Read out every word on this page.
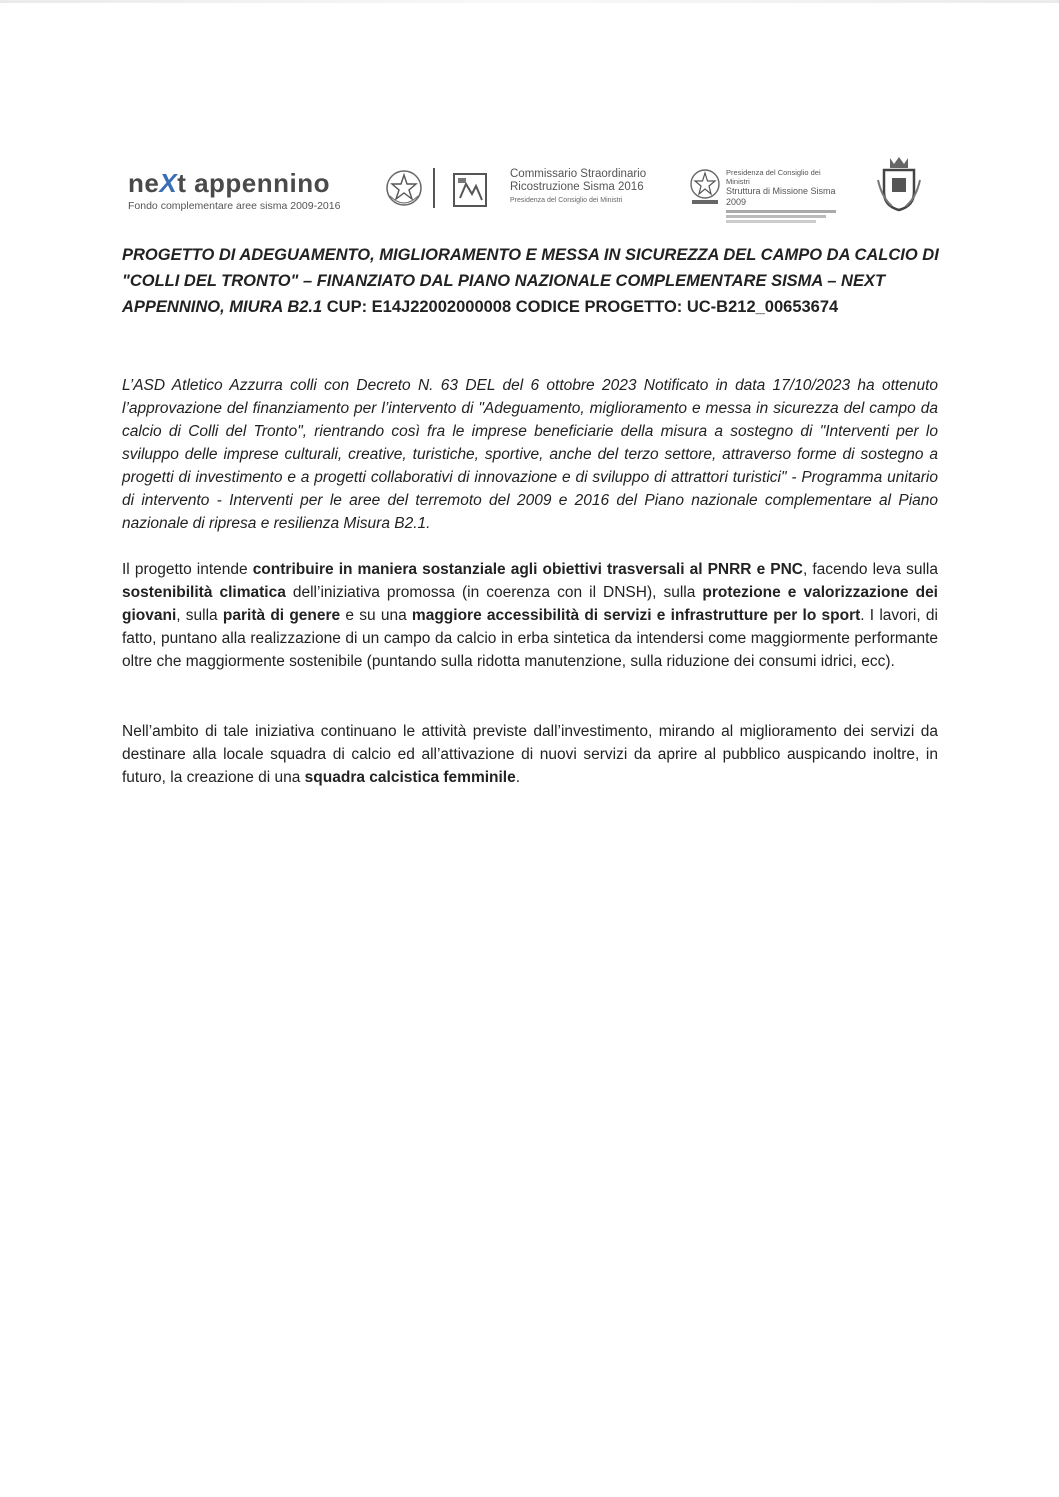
neXt appennino
Fondo complementare aree sisma 2009-2016
Commissario Straordinario
Ricostruzione Sisma 2016
Presidenza del Consiglio dei Ministri
Presidenza del Consiglio dei Ministri
Struttura di Missione Sisma 2009

PROGETTO DI ADEGUAMENTO, MIGLIORAMENTO E MESSA IN SICUREZZA DEL CAMPO DA CALCIO DI "COLLI DEL TRONTO" – FINANZIATO DAL PIANO NAZIONALE COMPLEMENTARE SISMA – NEXT APPENNINO, MIURA B2.1 CUP: E14J22002000008 CODICE PROGETTO: UC-B212_00653674

L’ASD Atletico Azzurra colli con Decreto N. 63 DEL del 6 ottobre 2023 Notificato in data 17/10/2023 ha ottenuto l’approvazione del finanziamento per l’intervento di "Adeguamento, miglioramento e messa in sicurezza del campo da calcio di Colli del Tronto", rientrando così fra le imprese beneficiarie della misura a sostegno di "Interventi per lo sviluppo delle imprese culturali, creative, turistiche, sportive, anche del terzo settore, attraverso forme di sostegno a progetti di investimento e a progetti collaborativi di innovazione e di sviluppo di attrattori turistici" - Programma unitario di intervento - Interventi per le aree del terremoto del 2009 e 2016 del Piano nazionale complementare al Piano nazionale di ripresa e resilienza Misura B2.1.

Il progetto intende contribuire in maniera sostanziale agli obiettivi trasversali al PNRR e PNC, facendo leva sulla sostenibilità climatica dell’iniziativa promossa (in coerenza con il DNSH), sulla protezione e valorizzazione dei giovani, sulla parità di genere e su una maggiore accessibilità di servizi e infrastrutture per lo sport. I lavori, di fatto, puntano alla realizzazione di un campo da calcio in erba sintetica da intendersi come maggiormente performante oltre che maggiormente sostenibile (puntando sulla ridotta manutenzione, sulla riduzione dei consumi idrici, ecc).

Nell’ambito di tale iniziativa continuano le attività previste dall’investimento, mirando al miglioramento dei servizi da destinare alla locale squadra di calcio ed all’attivazione di nuovi servizi da aprire al pubblico auspicando inoltre, in futuro, la creazione di una squadra calcistica femminile.
